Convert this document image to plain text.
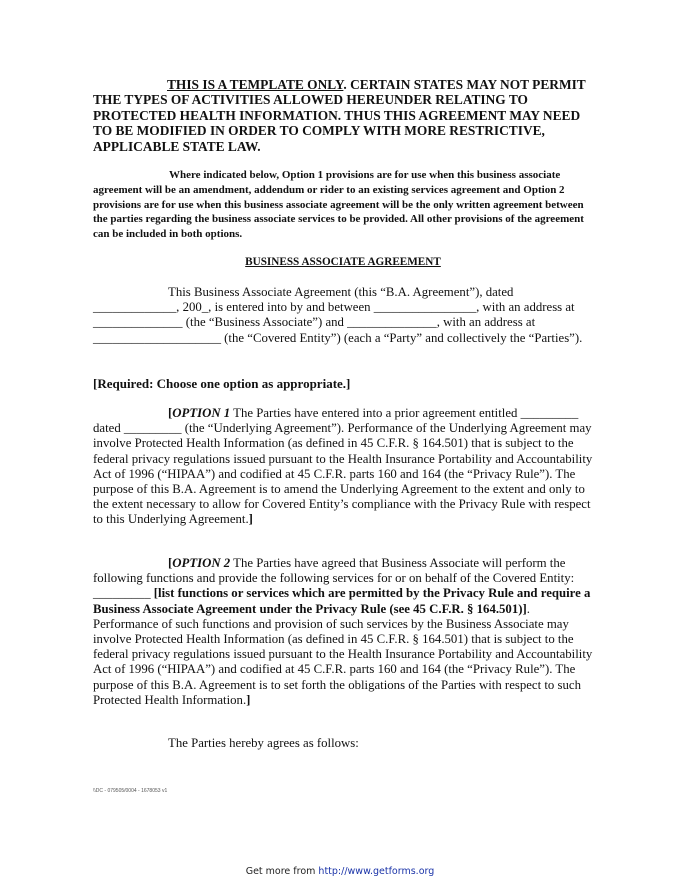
THIS IS A TEMPLATE ONLY. CERTAIN STATES MAY NOT PERMIT THE TYPES OF ACTIVITIES ALLOWED HEREUNDER RELATING TO PROTECTED HEALTH INFORMATION. THUS THIS AGREEMENT MAY NEED TO BE MODIFIED IN ORDER TO COMPLY WITH MORE RESTRICTIVE, APPLICABLE STATE LAW.

Where indicated below, Option 1 provisions are for use when this business associate agreement will be an amendment, addendum or rider to an existing services agreement and Option 2 provisions are for use when this business associate agreement will be the only written agreement between the parties regarding the business associate services to be provided. All other provisions of the agreement can be included in both options.

BUSINESS ASSOCIATE AGREEMENT

This Business Associate Agreement (this “B.A. Agreement”), dated _____________, 200_, is entered into by and between ________________, with an address at ______________ (the “Business Associate”) and ______________, with an address at ____________________ (the “Covered Entity”) (each a “Party” and collectively the “Parties”).

[Required: Choose one option as appropriate.]

[OPTION 1 The Parties have entered into a prior agreement entitled _________ dated _________ (the “Underlying Agreement”). Performance of the Underlying Agreement may involve Protected Health Information (as defined in 45 C.F.R. § 164.501) that is subject to the federal privacy regulations issued pursuant to the Health Insurance Portability and Accountability Act of 1996 (“HIPAA”) and codified at 45 C.F.R. parts 160 and 164 (the “Privacy Rule”). The purpose of this B.A. Agreement is to amend the Underlying Agreement to the extent and only to the extent necessary to allow for Covered Entity’s compliance with the Privacy Rule with respect to this Underlying Agreement.]

[OPTION 2 The Parties have agreed that Business Associate will perform the following functions and provide the following services for or on behalf of the Covered Entity: _________ [list functions or services which are permitted by the Privacy Rule and require a Business Associate Agreement under the Privacy Rule (see 45 C.F.R. § 164.501)]. Performance of such functions and provision of such services by the Business Associate may involve Protected Health Information (as defined in 45 C.F.R. § 164.501) that is subject to the federal privacy regulations issued pursuant to the Health Insurance Portability and Accountability Act of 1996 (“HIPAA”) and codified at 45 C.F.R. parts 160 and 164 (the “Privacy Rule”). The purpose of this B.A. Agreement is to set forth the obligations of the Parties with respect to such Protected Health Information.]

The Parties hereby agrees as follows:

\\DC - 079505/0004 - 1678053 v1

Get more from http://www.getforms.org
